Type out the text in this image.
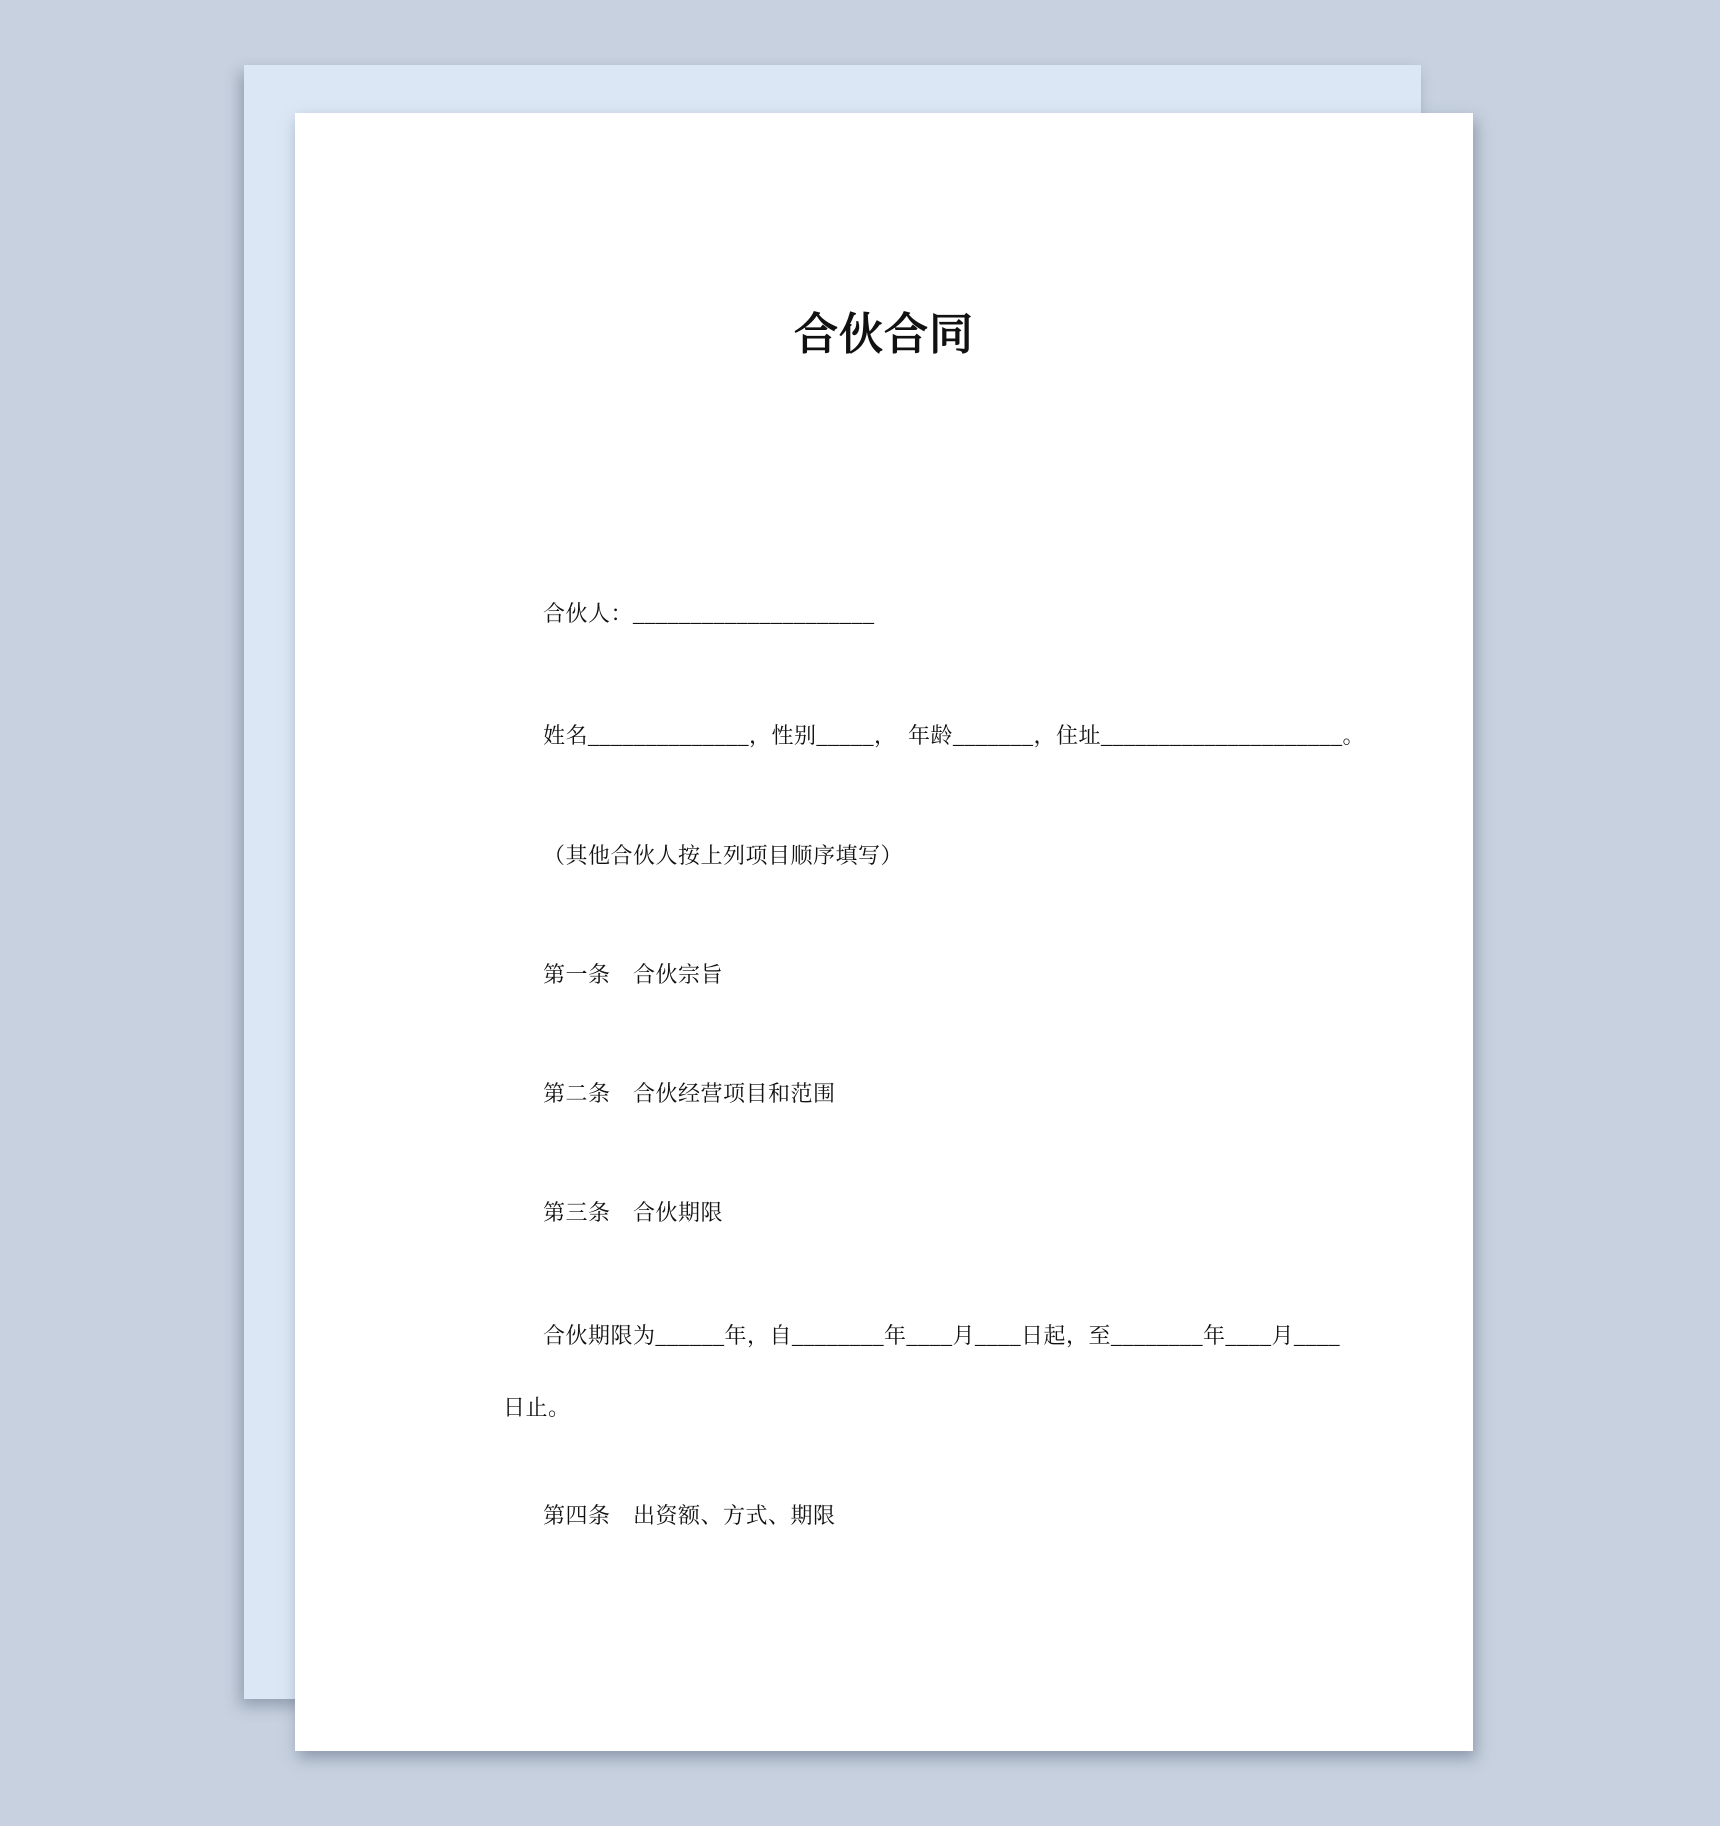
合伙合同

合伙人：_____________________

姓名______________，性别_____，　年龄_______，住址_____________________。

（其他合伙人按上列项目顺序填写）

第一条　合伙宗旨

第二条　合伙经营项目和范围

第三条　合伙期限

合伙期限为______年，自________年____月____日起，至________年____月____

日止。

第四条　出资额、方式、期限
